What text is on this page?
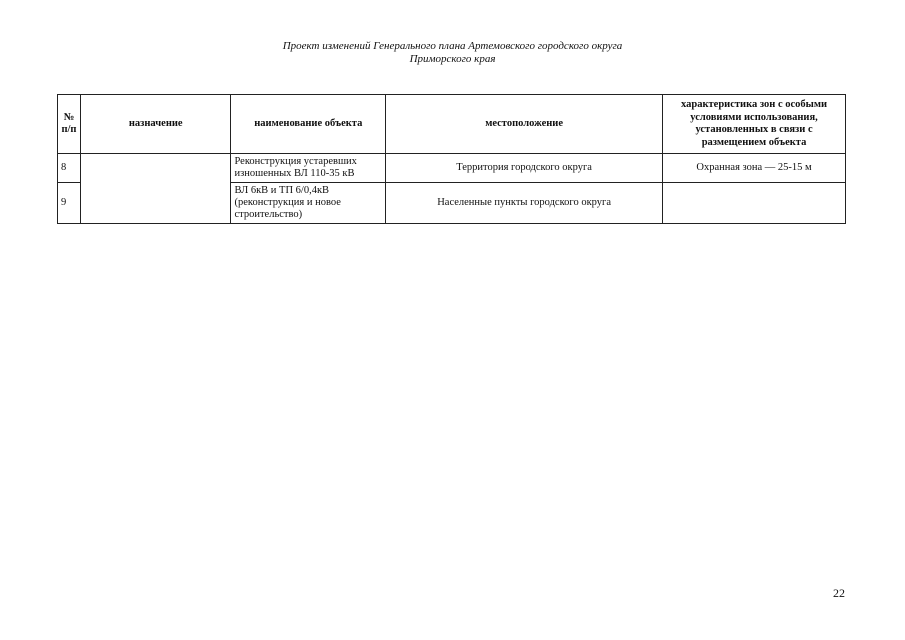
Проект изменений Генерального плана Артемовского городского округа
Приморского края
№ п/п	назначение	наименование объекта	местоположение	характеристика зон с особыми условиями использования, установленных в связи с размещением объекта
8		Реконструкция устаревших изношенных ВЛ 110-35 кВ	Территория городского округа	Охранная зона — 25-15 м
9		ВЛ 6кВ и ТП 6/0,4кВ (реконструкция и новое строительство)	Населенные пункты городского округа	
22
